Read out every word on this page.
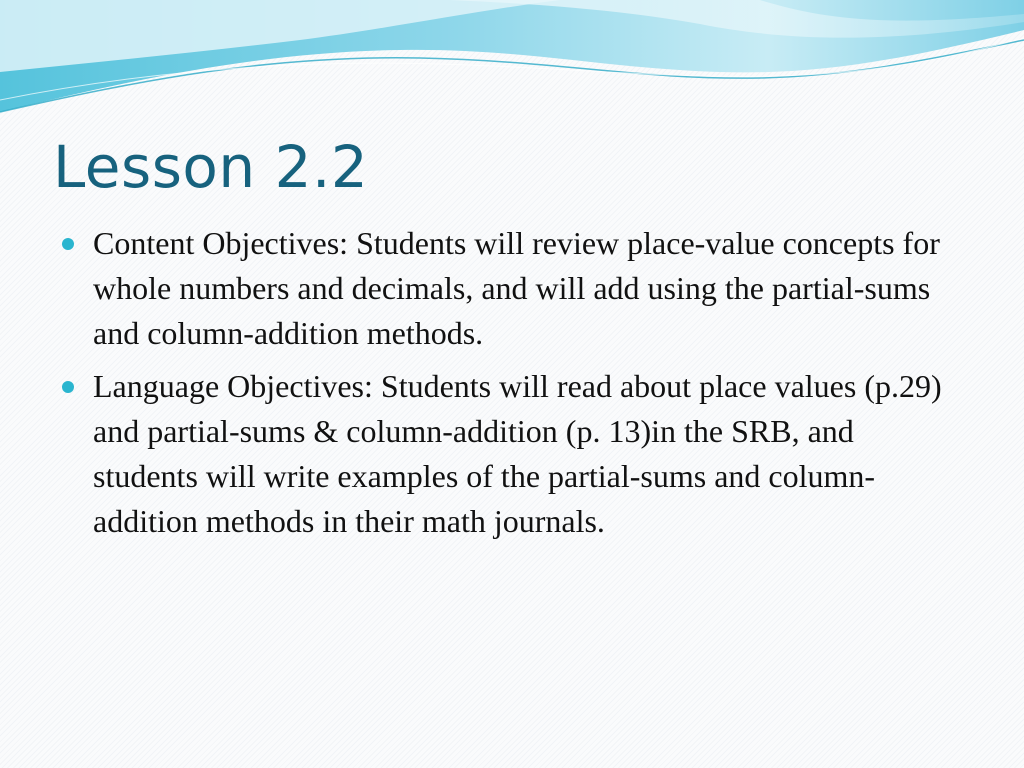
Lesson 2.2
Content Objectives: Students will review place-value concepts for whole numbers and decimals, and will add using the partial-sums and column-addition methods.
Language Objectives: Students will read about place values (p.29) and partial-sums & column-addition (p. 13)in the SRB, and students will write examples of the partial-sums and column-addition methods in their math journals.
